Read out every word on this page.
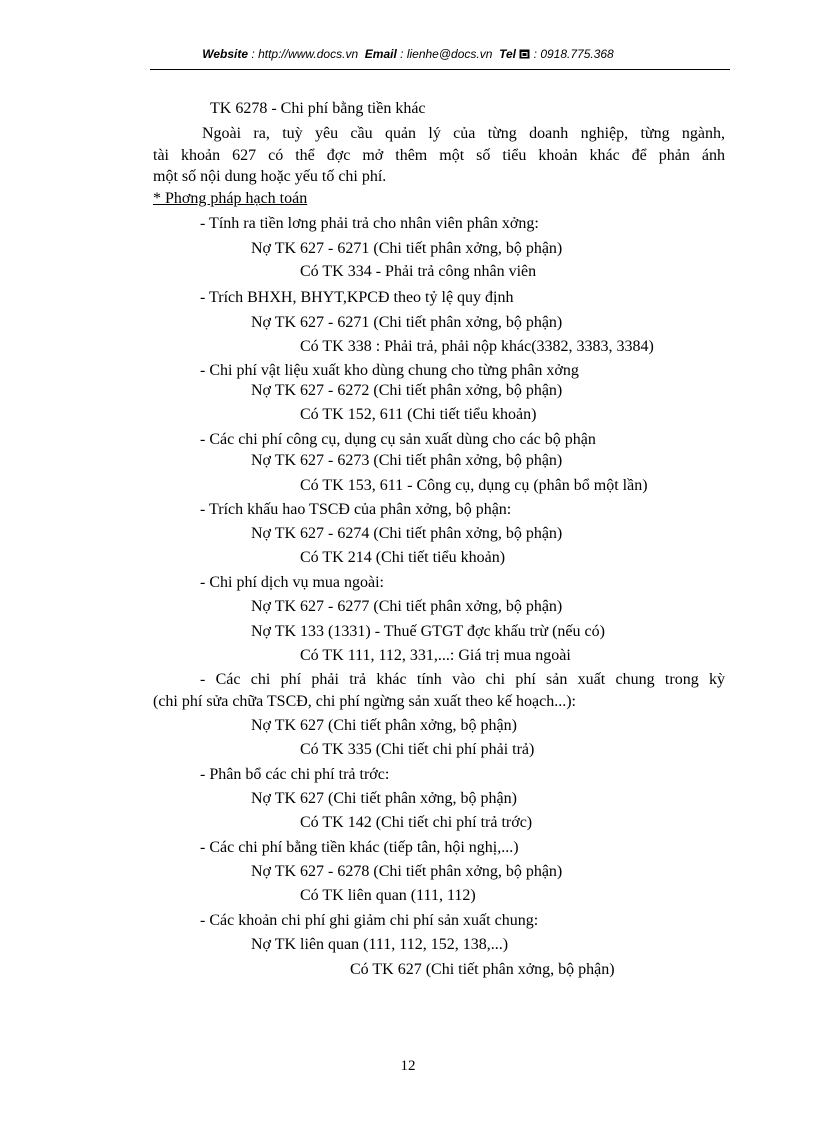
Website : http://www.docs.vn Email : lienhe@docs.vn Tel : 0918.775.368
TK 6278 - Chi phí bằng tiền khác
Ngoài ra, tuỳ yêu cầu quản lý của từng doanh nghiệp, từng ngành,
tài khoản 627 có thể đợc mở thêm một số tiểu khoản khác để phản ánh
một số nội dung hoặc yếu tố chi phí.
* Phơng pháp hạch toán
- Tính ra tiền lơng phải trả cho nhân viên phân xởng:
Nợ TK 627 - 6271 (Chi tiết phân xởng, bộ phận)
Có TK 334 - Phải trả công nhân viên
- Trích BHXH, BHYT,KPCĐ theo tỷ lệ quy định
Nợ TK 627 - 6271 (Chi tiết phân xởng, bộ phận)
Có TK 338 : Phải trả, phải nộp khác(3382, 3383, 3384)
- Chi phí vật liệu xuất kho dùng chung cho từng phân xởng
Nợ TK 627 - 6272 (Chi tiết phân xởng, bộ phận)
Có TK 152, 611 (Chi tiết tiểu khoản)
- Các chi phí công cụ, dụng cụ sản xuất dùng cho các bộ phận
Nợ TK 627 - 6273 (Chi tiết phân xởng, bộ phận)
Có TK 153, 611 - Công cụ, dụng cụ (phân bổ một lần)
- Trích khấu hao TSCĐ của phân xởng, bộ phận:
Nợ TK 627 - 6274 (Chi tiết phân xởng, bộ phận)
Có TK 214 (Chi tiết tiểu khoản)
- Chi phí dịch vụ mua ngoài:
Nợ TK 627 - 6277 (Chi tiết phân xởng, bộ phận)
Nợ TK 133 (1331) - Thuế GTGT đợc khấu trừ (nếu có)
Có TK 111, 112, 331,...: Giá trị mua ngoài
- Các chi phí phải trả khác tính vào chi phí sản xuất chung trong kỳ
(chi phí sửa chữa TSCĐ, chi phí ngừng sản xuất theo kế hoạch...):
Nợ TK 627 (Chi tiết phân xởng, bộ phận)
Có TK 335 (Chi tiết chi phí phải trả)
- Phân bổ các chi phí trả trớc:
Nợ TK 627 (Chi tiết phân xởng, bộ phận)
Có TK 142 (Chi tiết chi phí trả trớc)
- Các chi phí bằng tiền khác (tiếp tân, hội nghị,...)
Nợ TK 627 - 6278 (Chi tiết phân xởng, bộ phận)
Có TK liên quan (111, 112)
- Các khoản chi phí ghi giảm chi phí sản xuất chung:
Nợ TK liên quan (111, 112, 152, 138,...)
Có TK 627 (Chi tiết phân xởng, bộ phận)
12
